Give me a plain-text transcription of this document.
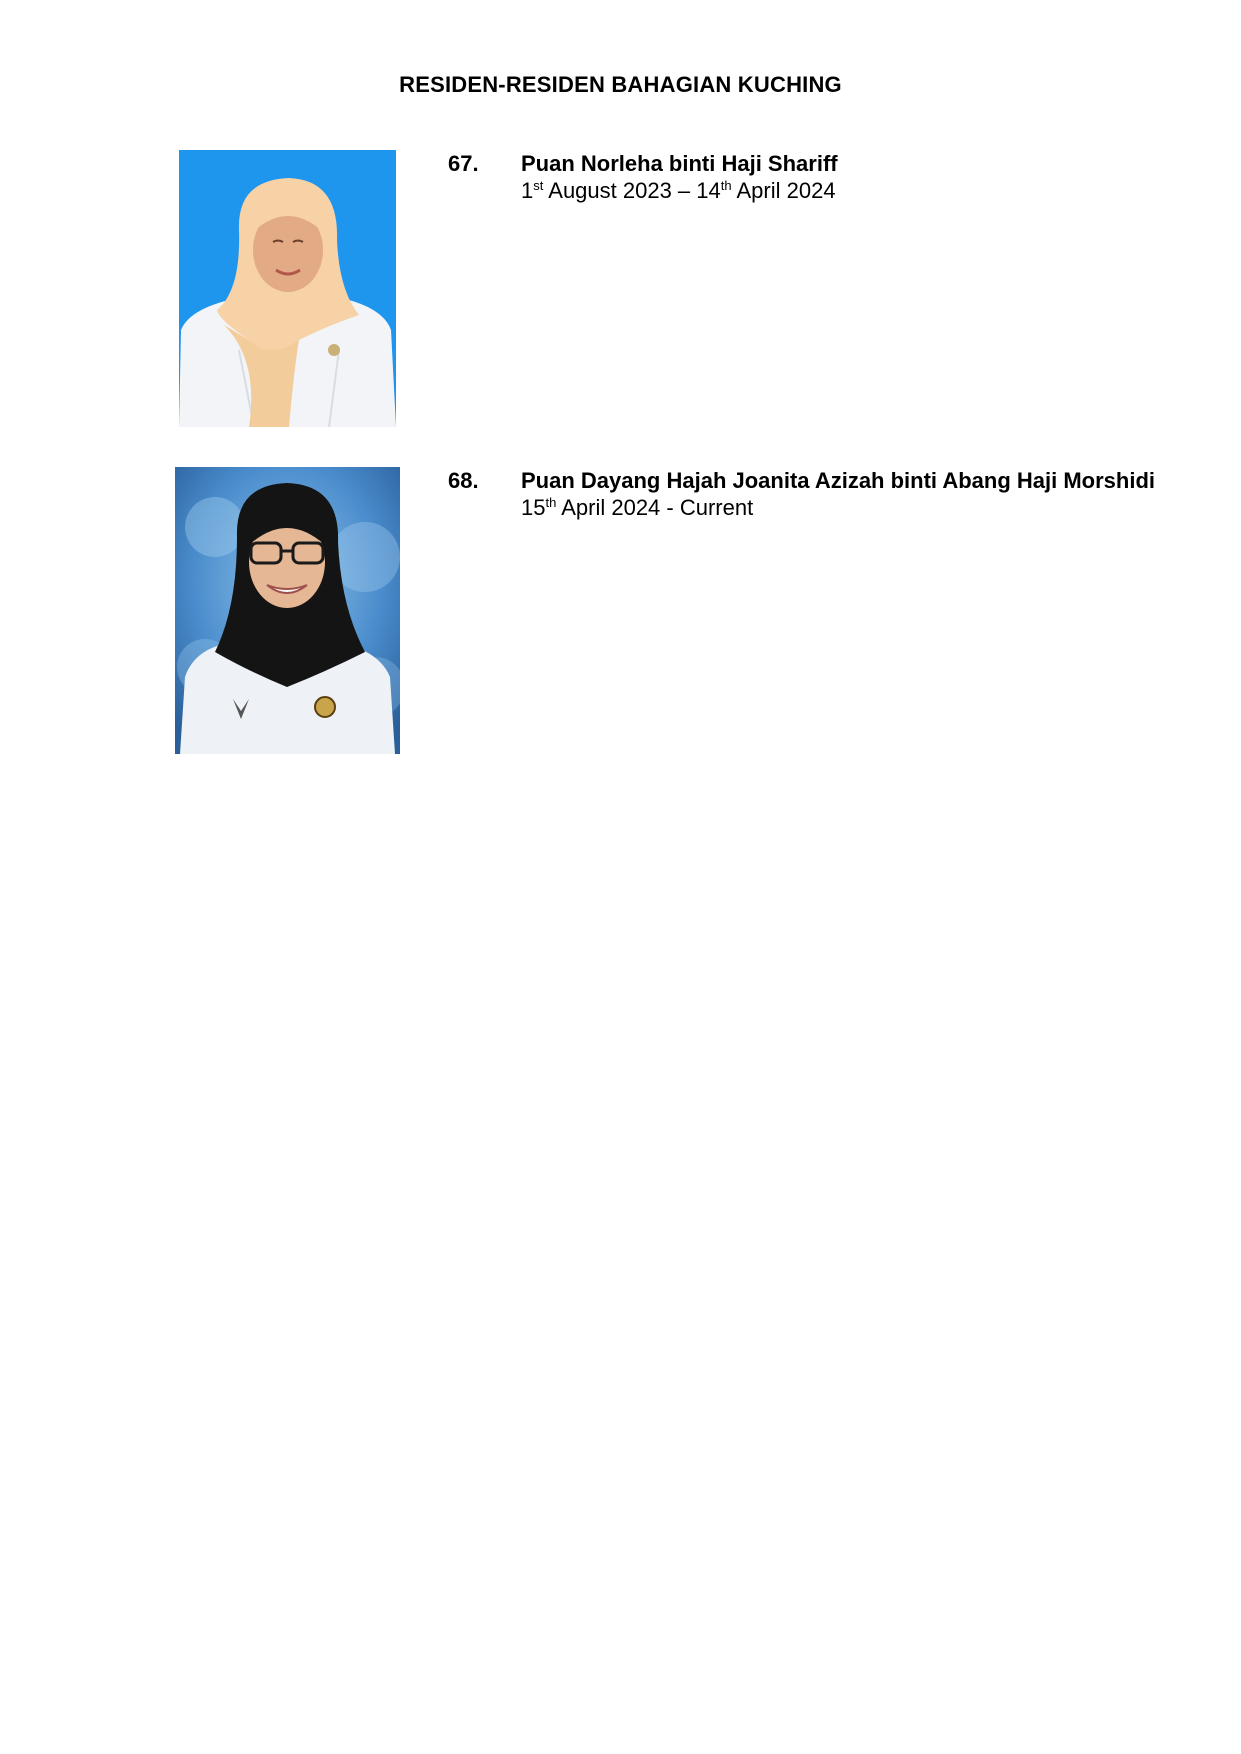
RESIDEN-RESIDEN BAHAGIAN KUCHING
67. Puan Norleha binti Haji Shariff
1st August 2023 – 14th April 2024
68. Puan Dayang Hajah Joanita Azizah binti Abang Haji Morshidi
15th April 2024 - Current
